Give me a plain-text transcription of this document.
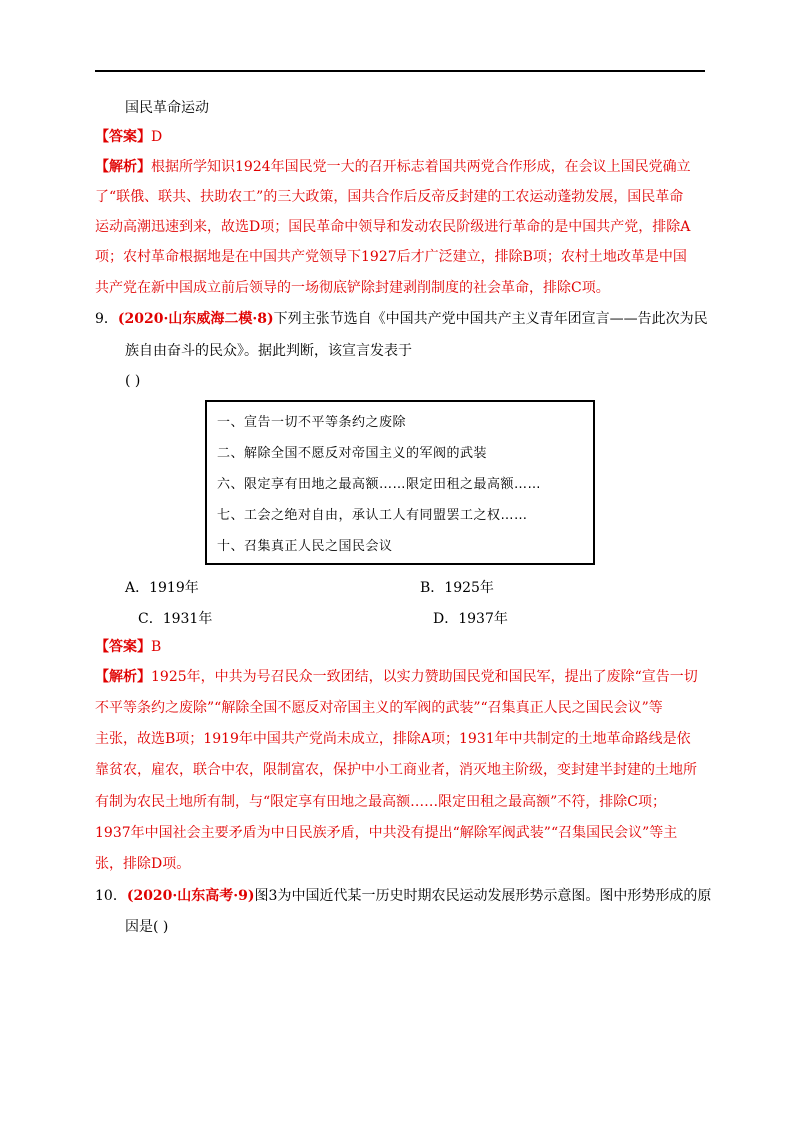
国民革命运动
【答案】D
【解析】根据所学知识1924年国民党一大的召开标志着国共两党合作形成，在会议上国民党确立
了“联俄、联共、扶助农工”的三大政策，国共合作后反帝反封建的工农运动蓬勃发展，国民革命
运动高潮迅速到来，故选D项；国民革命中领导和发动农民阶级进行革命的是中国共产党，排除A
项；农村革命根据地是在中国共产党领导下1927后才广泛建立，排除B项；农村土地改革是中国
共产党在新中国成立前后领导的一场彻底铲除封建剥削制度的社会革命，排除C项。
9．(2020·山东威海二模·8)下列主张节选自《中国共产党中国共产主义青年团宣言——告此次为民
族自由奋斗的民众》。据此判断，该宣言发表于
( )
一、宣告一切不平等条约之废除
二、解除全国不愿反对帝国主义的军阀的武装
六、限定享有田地之最高额……限定田租之最高额……
七、工会之绝对自由，承认工人有同盟罢工之权……
十、召集真正人民之国民会议
A．1919年	B．1925年
C．1931年	D．1937年
【答案】B
【解析】1925年，中共为号召民众一致团结，以实力赞助国民党和国民军，提出了废除“宣告一切
不平等条约之废除”“解除全国不愿反对帝国主义的军阀的武装”“召集真正人民之国民会议”等
主张，故选B项；1919年中国共产党尚未成立，排除A项；1931年中共制定的土地革命路线是依
靠贫农，雇农，联合中农，限制富农，保护中小工商业者，消灭地主阶级，变封建半封建的土地所
有制为农民土地所有制，与“限定享有田地之最高额……限定田租之最高额”不符，排除C项；
1937年中国社会主要矛盾为中日民族矛盾，中共没有提出“解除军阀武装”“召集国民会议”等主
张，排除D项。
10．(2020·山东高考·9)图3为中国近代某一历史时期农民运动发展形势示意图。图中形势形成的原
因是( )
